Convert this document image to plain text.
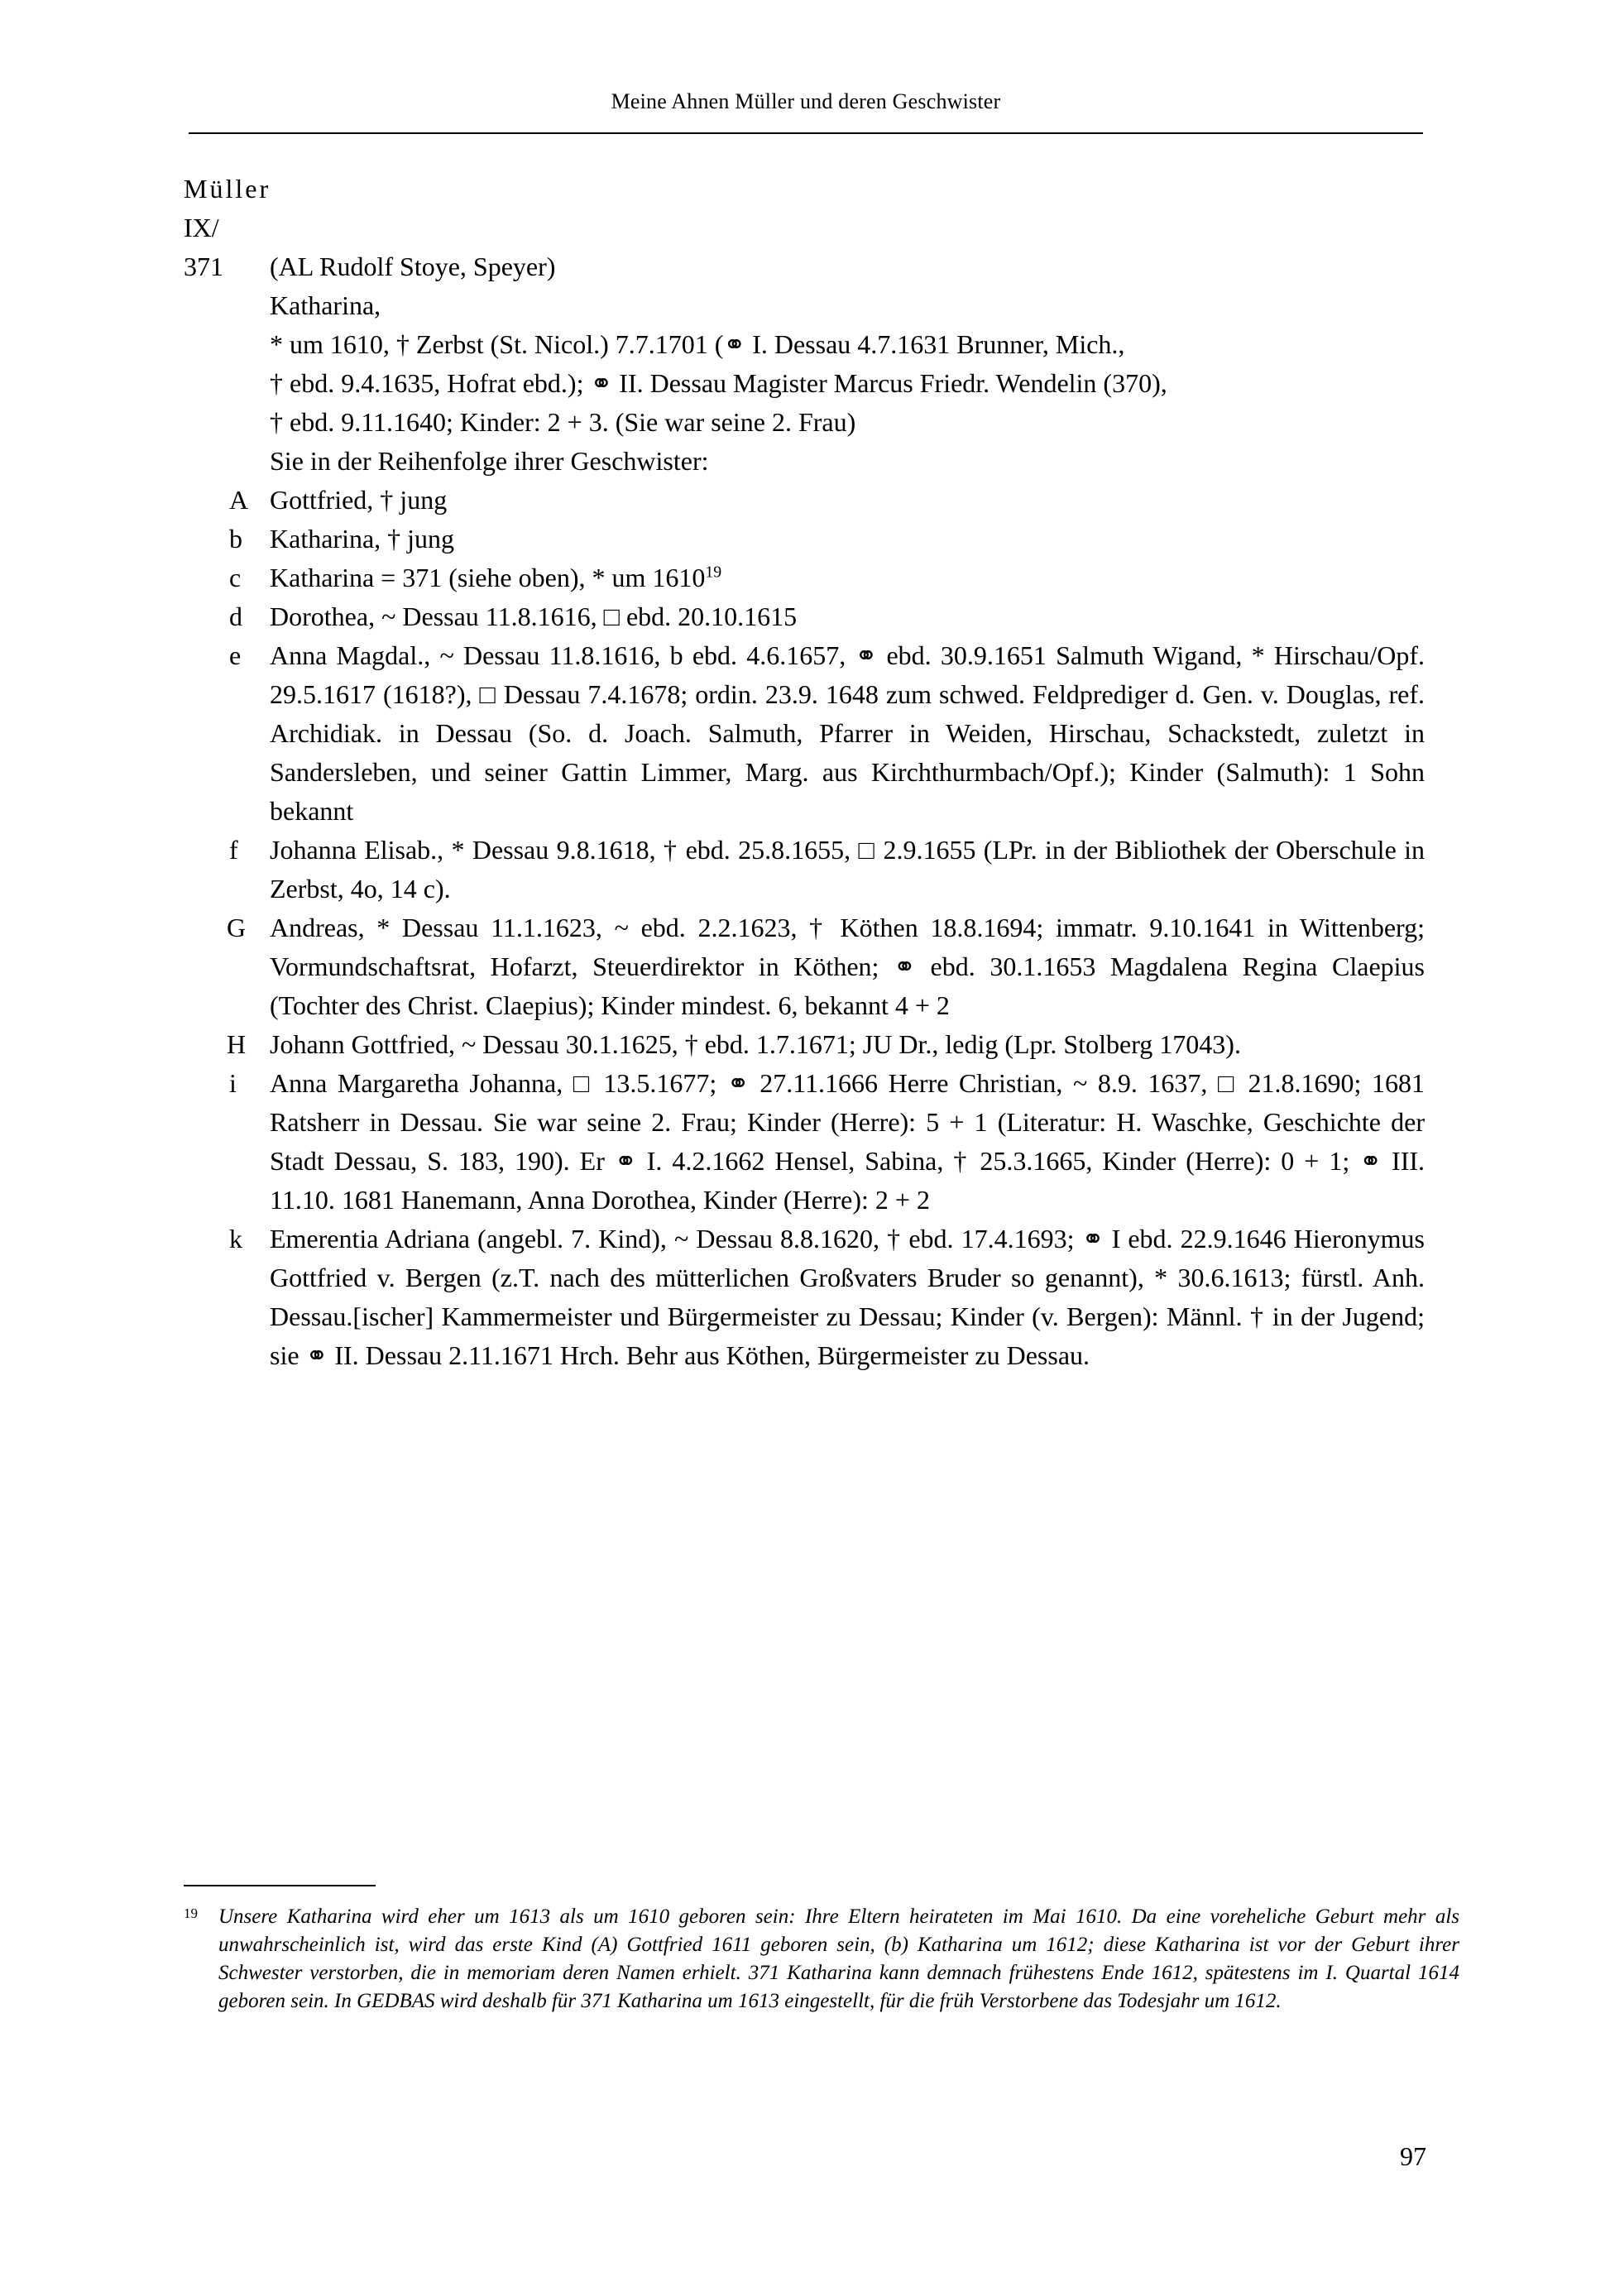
Meine Ahnen Müller und deren Geschwister
Müller
IX/
371 (AL Rudolf Stoye, Speyer)
Katharina,
* um 1610, † Zerbst (St. Nicol.) 7.7.1701 (⚭ I. Dessau 4.7.1631 Brunner, Mich.,
† ebd. 9.4.1635, Hofrat ebd.); ⚭ II. Dessau Magister Marcus Friedr. Wendelin (370),
† ebd. 9.11.1640; Kinder: 2 + 3. (Sie war seine 2. Frau)
Sie in der Reihenfolge ihrer Geschwister:
A Gottfried, † jung
b	Katharina, † jung
c	Katharina = 371 (siehe oben), * um 1610$^{19}$
d	Dorothea, ~ Dessau 11.8.1616, □ ebd. 20.10.1615
e	Anna Magdal., ~ Dessau 11.8.1616, b ebd. 4.6.1657, ⚭ ebd. 30.9.1651 Salmuth Wigand, * Hirschau/Opf. 29.5.1617 (1618?), □ Dessau 7.4.1678; ordin. 23.9. 1648 zum schwed. Feldprediger d. Gen. v. Douglas, ref. Archidiak. in Dessau (So. d. Joach. Salmuth, Pfarrer in Weiden, Hirschau, Schackstedt, zuletzt in Sandersleben, und seiner Gattin Limmer, Marg. aus Kirchthurmbach/Opf.); Kinder (Salmuth): 1 Sohn bekannt
f	Johanna Elisab., * Dessau 9.8.1618, † ebd. 25.8.1655, □ 2.9.1655 (LPr. in der Bibliothek der Oberschule in Zerbst, 4o, 14 c).
G Andreas, * Dessau 11.1.1623, ~ ebd. 2.2.1623, † Köthen 18.8.1694; immatr. 9.10.1641 in Wittenberg; Vormundschaftsrat, Hofarzt, Steuerdirektor in Köthen; ⚭ ebd. 30.1.1653 Magdalena Regina Claepius (Tochter des Christ. Claepius); Kinder mindest. 6, bekannt 4 + 2
H Johann Gottfried, ~ Dessau 30.1.1625, † ebd. 1.7.1671; JU Dr., ledig (Lpr. Stolberg 17043).
i	Anna Margaretha Johanna, □ 13.5.1677; ⚭ 27.11.1666 Herre Christian, ~ 8.9. 1637, □ 21.8.1690; 1681 Ratsherr in Dessau. Sie war seine 2. Frau; Kinder (Herre): 5 + 1 (Literatur: H. Waschke, Geschichte der Stadt Dessau, S. 183, 190). Er ⚭ I. 4.2.1662 Hensel, Sabina, † 25.3.1665, Kinder (Herre): 0 + 1; ⚭ III. 11.10. 1681 Hanemann, Anna Dorothea, Kinder (Herre): 2 + 2
k	Emerentia Adriana (angebl. 7. Kind), ~ Dessau 8.8.1620, † ebd. 17.4.1693; ⚭ I ebd. 22.9.1646 Hieronymus Gottfried v. Bergen (z.T. nach des mütterlichen Großvaters Bruder so genannt), * 30.6.1613; fürstl. Anh. Dessau.[ischer] Kammermeister und Bürgermeister zu Dessau; Kinder (v. Bergen): Männl. † in der Jugend; sie ⚭ II. Dessau 2.11.1671 Hrch. Behr aus Köthen, Bürgermeister zu Dessau.
19 Unsere Katharina wird eher um 1613 als um 1610 geboren sein: Ihre Eltern heirateten im Mai 1610. Da eine voreheliche Geburt mehr als unwahrscheinlich ist, wird das erste Kind (A) Gottfried 1611 geboren sein, (b) Katharina um 1612; diese Katharina ist vor der Geburt ihrer Schwester verstorben, die in memoriam deren Namen erhielt. 371 Katharina kann demnach frühestens Ende 1612, spätestens im I. Quartal 1614 geboren sein. In GEDBAS wird deshalb für 371 Katharina um 1613 eingestellt, für die früh Verstorbene das Todesjahr um 1612.
97
